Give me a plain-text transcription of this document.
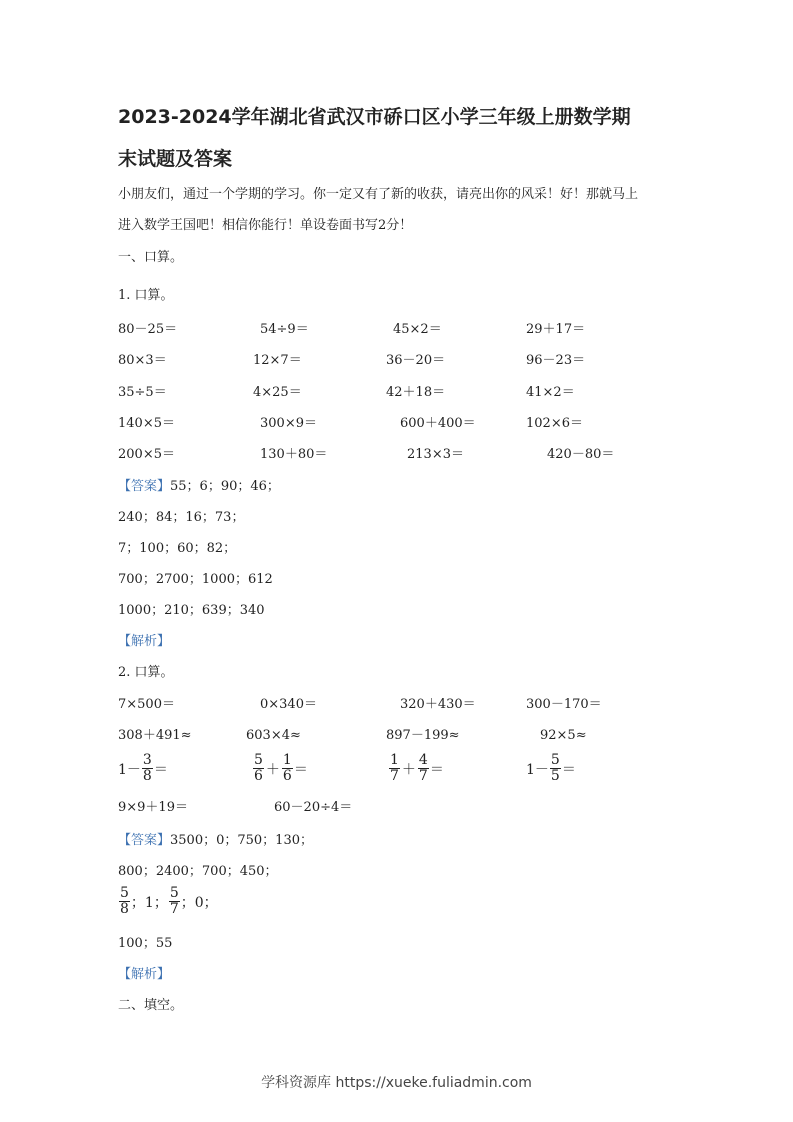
2023-2024学年湖北省武汉市硚口区小学三年级上册数学期
末试题及答案
小朋友们，通过一个学期的学习。你一定又有了新的收获，请亮出你的风采！好！那就马上
进入数学王国吧！相信你能行！单设卷面书写2分！
一、口算。
1. 口算。
80－25＝	54÷9＝	45×2＝	29＋17＝
80×3＝	12×7＝	36－20＝	96－23＝
35÷5＝	4×25＝	42＋18＝	41×2＝
140×5＝	300×9＝	600＋400＝	102×6＝
200×5＝	130＋80＝	213×3＝	420－80＝
【答案】55；6；90；46；
240；84；16；73；
7；100；60；82；
700；2700；1000；612
1000；210；639；340
【解析】
2. 口算。
7×500＝	0×340＝	320＋430＝	300－170＝
308＋491≈	603×4≈	897－199≈	92×5≈
$1- \frac{3}{8}$ ＝	$\frac{5}{6} + \frac{1}{6}$ ＝	$\frac{1}{7} + \frac{4}{7}$ ＝	$1- \frac{5}{5}$ ＝
9×9＋19＝	60－20÷4＝
【答案】3500；0；750；130；
800；2400；700；450；
$\frac{5}{8}$ ；1； $\frac{5}{7}$ ；0；
100；55
【解析】
二、填空。
学科资源库 https://xueke.fuliadmin.com
